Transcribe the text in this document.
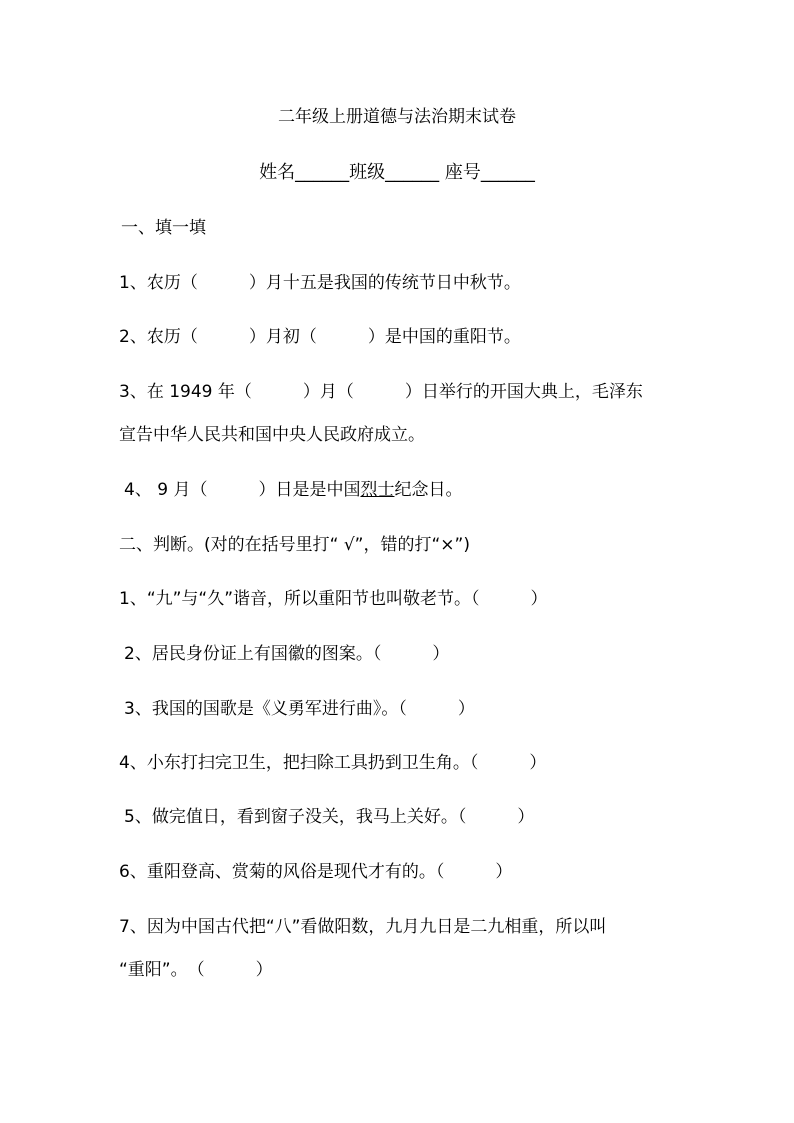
二年级上册道德与法治期末试卷
姓名______班级______ 座号______
一、填一填
1、农历（　　　）月十五是我国的传统节日中秋节。
2、农历（　　　）月初（　　　）是中国的重阳节。
3、在 1949 年（　　　）月（　　　）日举行的开国大典上，毛泽东
宣告中华人民共和国中央人民政府成立。
4、 9 月（　　　）日是是中国烈士纪念日。
二、判断。(对的在括号里打“ √”，错的打“×”)
1、“九”与“久”谐音，所以重阳节也叫敬老节。（　　　）
2、居民身份证上有国徽的图案。（　　　）
3、我国的国歌是《义勇军进行曲》。（　　　）
4、小东打扫完卫生，把扫除工具扔到卫生角。（　　　）
5、做完值日，看到窗子没关，我马上关好。（　　　）
6、重阳登高、赏菊的风俗是现代才有的。（　　　）
7、因为中国古代把“八”看做阳数，九月九日是二九相重，所以叫
“重阳”。　（　　　）
